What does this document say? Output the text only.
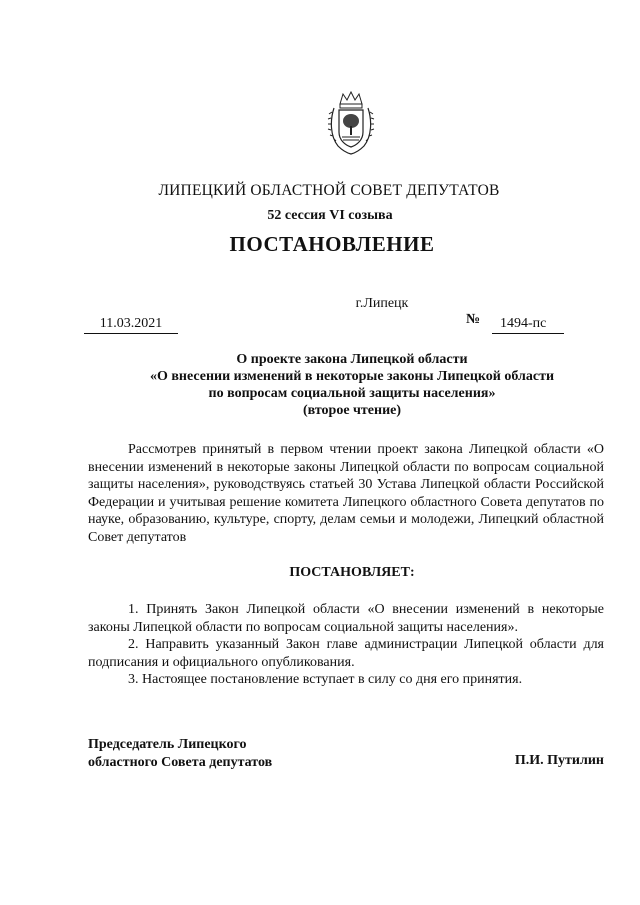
ЛИПЕЦКИЙ ОБЛАСТНОЙ СОВЕТ ДЕПУТАТОВ
52 сессия VI созыва
ПОСТАНОВЛЕНИЕ
г.Липецк
11.03.2021	№	1494-пс
О проекте закона Липецкой области
«О внесении изменений в некоторые законы Липецкой области
по вопросам социальной защиты населения»
(второе чтение)
Рассмотрев принятый в первом чтении проект закона Липецкой области «О внесении изменений в некоторые законы Липецкой области по вопросам социальной защиты населения», руководствуясь статьей 30 Устава Липецкой области Российской Федерации и учитывая решение комитета Липецкого областного Совета депутатов по науке, образованию, культуре, спорту, делам семьи и молодежи, Липецкий областной Совет депутатов
ПОСТАНОВЛЯЕТ:

1. Принять Закон Липецкой области «О внесении изменений в некоторые законы Липецкой области по вопросам социальной защиты населения».

2. Направить указанный Закон главе администрации Липецкой области для подписания и официального опубликования.

3. Настоящее постановление вступает в силу со дня его принятия.

Председатель Липецкого
областного Совета депутатов	П.И. Путилин
